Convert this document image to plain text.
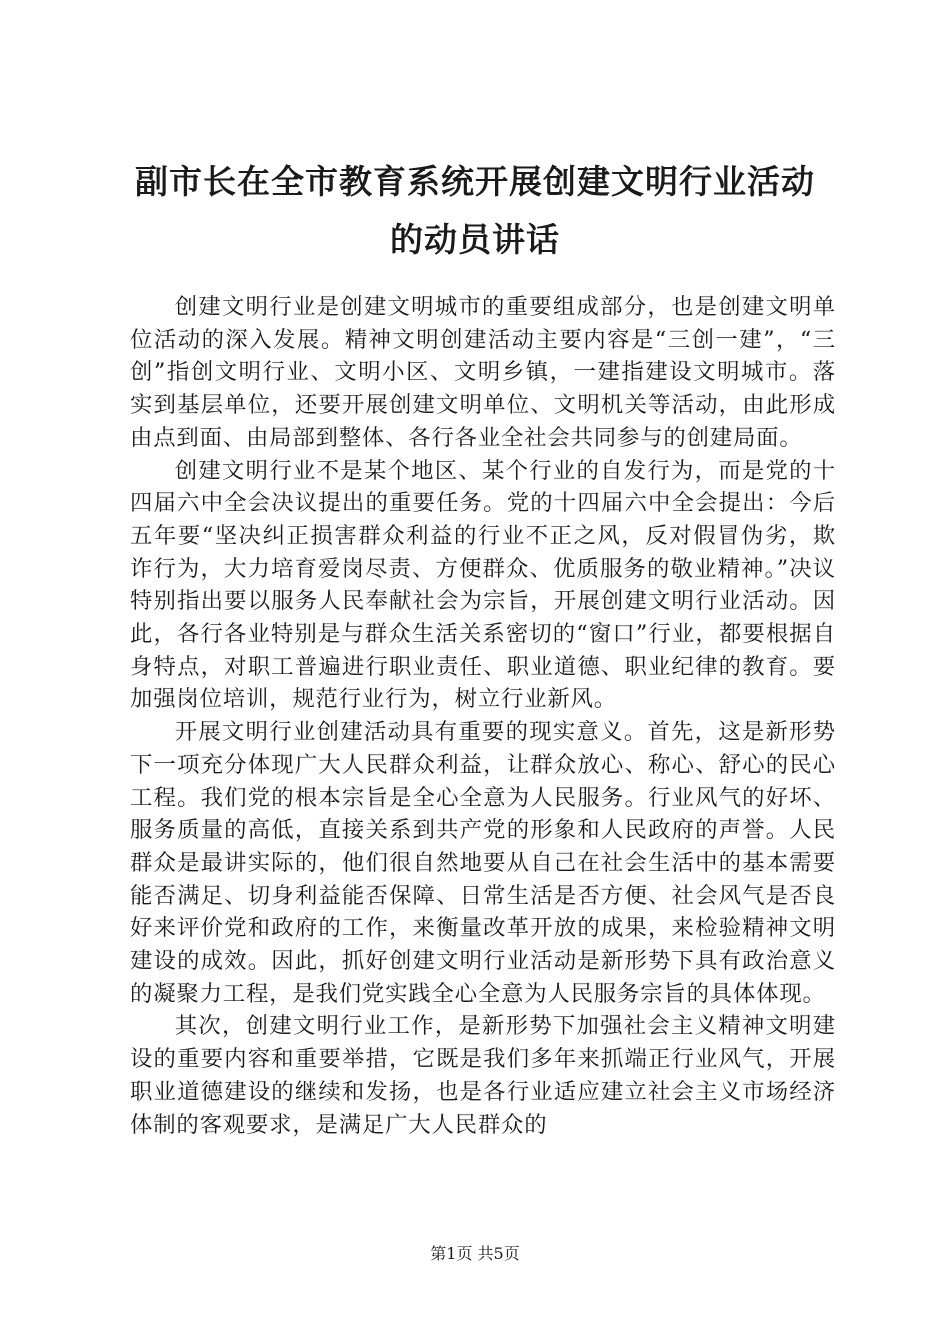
副市长在全市教育系统开展创建文明行业活动
的动员讲话

创建文明行业是创建文明城市的重要组成部分，也是创建文明单位活动的深入发展。精神文明创建活动主要内容是“三创一建”，“三创”指创文明行业、文明小区、文明乡镇，一建指建设文明城市。落实到基层单位，还要开展创建文明单位、文明机关等活动，由此形成由点到面、由局部到整体、各行各业全社会共同参与的创建局面。

创建文明行业不是某个地区、某个行业的自发行为，而是党的十四届六中全会决议提出的重要任务。党的十四届六中全会提出：今后五年要“坚决纠正损害群众利益的行业不正之风，反对假冒伪劣，欺诈行为，大力培育爱岗尽责、方便群众、优质服务的敬业精神。”决议特别指出要以服务人民奉献社会为宗旨，开展创建文明行业活动。因此，各行各业特别是与群众生活关系密切的“窗口”行业，都要根据自身特点，对职工普遍进行职业责任、职业道德、职业纪律的教育。要加强岗位培训，规范行业行为，树立行业新风。

开展文明行业创建活动具有重要的现实意义。首先，这是新形势下一项充分体现广大人民群众利益，让群众放心、称心、舒心的民心工程。我们党的根本宗旨是全心全意为人民服务。行业风气的好坏、服务质量的高低，直接关系到共产党的形象和人民政府的声誉。人民群众是最讲实际的，他们很自然地要从自己在社会生活中的基本需要能否满足、切身利益能否保障、日常生活是否方便、社会风气是否良好来评价党和政府的工作，来衡量改革开放的成果，来检验精神文明建设的成效。因此，抓好创建文明行业活动是新形势下具有政治意义的凝聚力工程，是我们党实践全心全意为人民服务宗旨的具体体现。

其次，创建文明行业工作，是新形势下加强社会主义精神文明建设的重要内容和重要举措，它既是我们多年来抓端正行业风气，开展职业道德建设的继续和发扬，也是各行业适应建立社会主义市场经济体制的客观要求，是满足广大人民群众的

第1页 共5页
